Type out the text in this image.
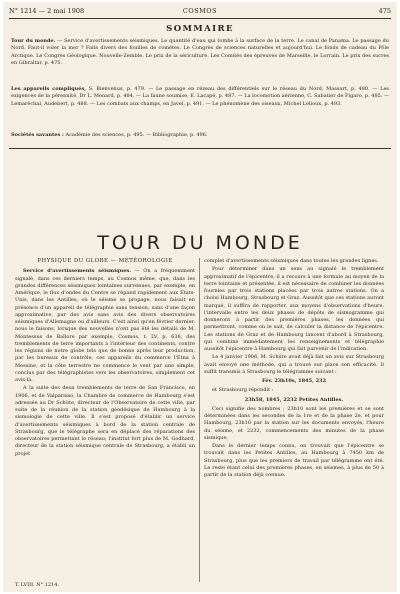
N° 1214 — 2 mai 1908	COSMOS	475
SOMMAIRE
Tour du monde. — Service d'avertissements séismiques. Le quantité d'eau qui tombe à la surface de la terre. Le canal de Panama. Le passage du Nord. Faut-il voler la mer ? Faits divers des fouilles de comètes. Le Congrès de sciences naturelles et aujourd'hui. Le fonds de cadeau du Pôle Arctique. Le Congrès Géologique. Nouvelle-Zemble. Le prix de la sériculture. Les Comités des épreuves de Marseille, le Lorrain. Le prix des sucres en Gibraltar, p. 475.
Les appareils compliqués, S. Bienvenus, p. 479. — Le passage en rézeau des différentiels sur le réseau du Nord, Massart, p. 480. — Les exigences de la pérennité, Dr L. Menard, p. 484. — La faune soumise, E. Lacapé, p. 487. — La locomotion aérienne, C. Sabatier de Figaro, p. 485. — Lemaréchal, Audebert, p. 488. — Les combats aux champs, en Javel, p. 491. — Le phénomène des oiseaux, Michel Lelioux, p. 493.
Sociétés savantes : Académie des sciences, p. 495. — Bibliographie, p. 496.
TOUR DU MONDE

PHYSIQUE DU GLOBE — MÉTÉOROLOGIE

Service d'avertissements séismiques. — On a fréquemment signalé, dans ces derniers temps, au Cosmos même, que, dans les grandes différences séismiques lointaines survenues, par exemple, en Amérique, le flux d'ondes du Centre se répand rapidement aux États-Unis, dans les Antilles, où le séisme se propage, nous faisait en présence d'un appareil de télégraphie sans tension, sans d'une façon approximative, par des avis sans avis des divers observatoires séismiques d'Allemagne ou d'ailleurs. C'est ainsi qu'en février dernier, nous le faisons, lorsque des nouvelles n'ont pas été les détails de M. Montessus de Ballore par exemple, Cosmos, t. LV, p. 638, des tremblements de terre importants à l'intérieur des continents, contre les régions de notre globe tels que de bonne après leur production, par les bureaux de contrôle, ces appareils du commerce l'Ètna à Messine, et la côte terrestre ne commence le vent par une simple, conclus par des télégraphistes vers les observatoires, simplement cet avis-là.

A la suite des deux tremblements de terre de San Francisco, en 1906, et de Valparaiso, la Chambre de commerce de Hambourg s'est adressée au Dr Schüte, directeur de l'Observatoire de cette ville, par suite de la réunion de la station géodésique de Hambourg à la sismologie de cette ville. Il s'est proposé d'établir un service d'avertissements séismiques à bord de la station centrale de Strasbourg, que le télégraphe sera en déplacé des réparations des observatoires permettant le réseau; l'institut fort plus de M. Godhard, directeur de la station séismique centrale de Strasbourg, a établi un projet

complet d'avertissements séismiques dans toutes les grandes lignes.

Pour déterminer dans un sens au signalé le tremblement approximatif de l'épicentre, il a recours à une formule au moyen de la terre lointaine et présentée, il est nécessaire de combiner les données fournies par trois stations placées par trois autres stations. On a choisi Hambourg, Strasbourg et Graz. Aussitôt que ces stations auront marqué, il suffira de rapporter, aux moyens d'observations d'heure, l'intervalle entre les deux phases de dépôts de sismogramme qui donneront à partir des premières phases, les données qui permettront, comme on le sait, de calculer la distance de l'épicentre. Les stations de Graz et de Hambourg lancent d'abord à Strasbourg, qui combine immédiatement les renseignements et télégraphie aussitôt l'épicentre à Hambourg qui fait parvenir de l'indication.

Le 4 janvier 1906, M. Schüte avait déjà fait un avis sur Strasbourg avait envoyé une méthode, qui a trouvé sur place son efficacité. Il suffit transmis à Strasbourg le télégramme suivant :

Fév. 23h10s, 1845, 232

et Strasbourg répondit :

23h58, 1845, 2232 Petites Antilles.

Ceci signifie des nombres ; 23h10 sont les premières et se sont déterminées dans les secondes de la 1re et de la phase 2e, et pour Hambourg, 23h10 par la station sur les documents envoyés, l'heure du séisme, et 2232, commencements des minutes de la phase sismique.

Dans le dernier temps connu, on trouvait que l'épicentre se trouvait dans les Petites Antilles, au Hambourg à 7450 km de Strasbourg, plus que les premiers de travail par télégramme ont été. Le reste étant celui des premières phases, en séismes, à plus de 50 à partir de la station déjà connue.

T. LVIII. N° 1214.
